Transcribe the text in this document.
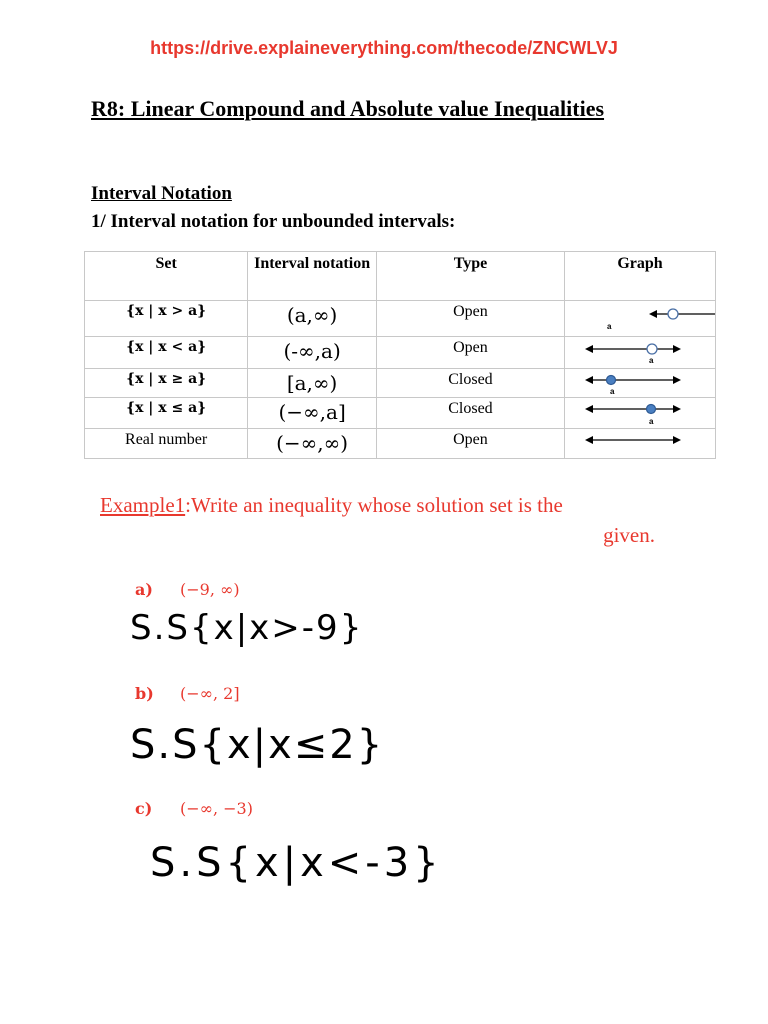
https://drive.explaineverything.com/thecode/ZNCWLVJ
R8: Linear Compound and Absolute value Inequalities
Interval Notation
1/ Interval notation for unbounded intervals:
Set	Interval notation	Type	Graph
{x | x > a}	(a,∞)	Open	a

{x | x < a}	(-∞,a)	Open	a

{x | x ≥ a}	[a,∞)	Closed	a

{x | x ≤ a}	(−∞,a]	Closed	a

Real number	(−∞,∞)	Open	
Example1:Write an inequality whose solution set is the
given.
a) (−9, ∞)
S.S{x|x>-9}
b) (−∞, 2]
S.S{x|x≤2}
c) (−∞, −3)
S.S{x|x<-3}
